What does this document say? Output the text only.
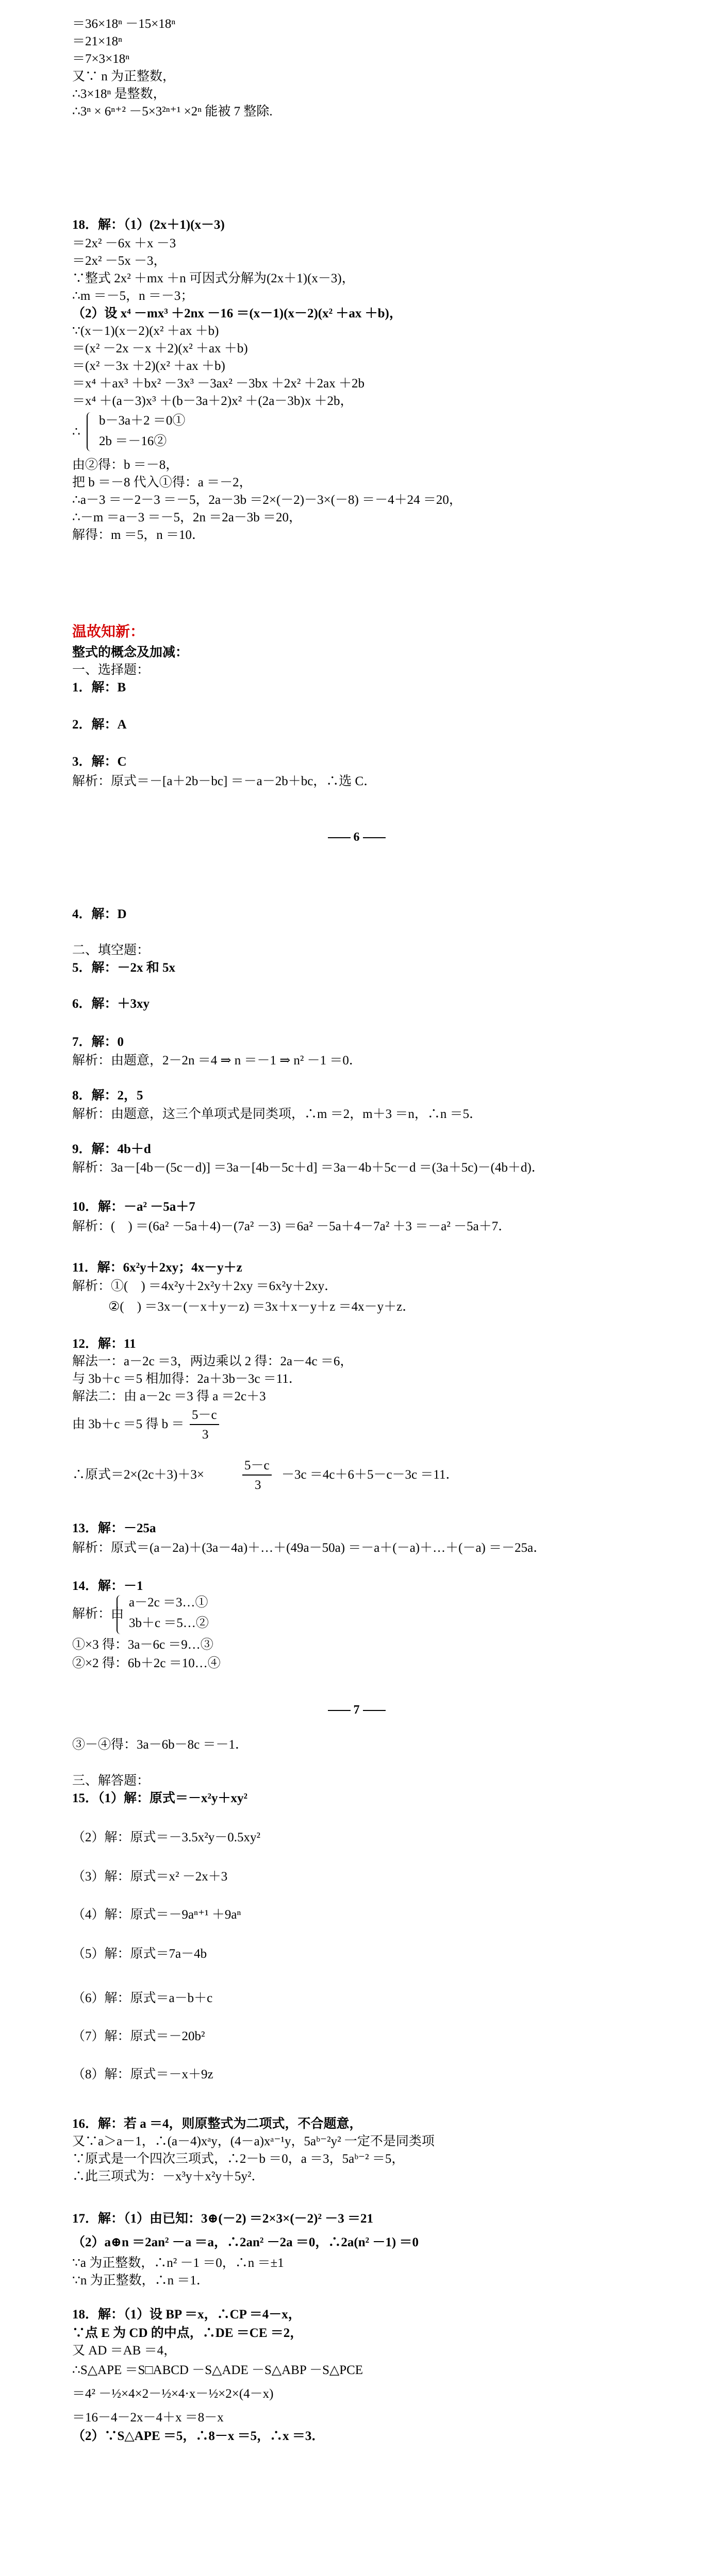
＝36×18ⁿ －15×18ⁿ
＝21×18ⁿ
＝7×3×18ⁿ
又∵ n 为正整数，
∴3×18ⁿ 是整数，
∴3ⁿ × 6ⁿ⁺² －5×3²ⁿ⁺¹ ×2ⁿ 能被 7 整除.
18．解：（1）(2x＋1)(x－3)
＝2x² －6x ＋x －3
＝2x² －5x －3，
∵整式 2x² ＋mx ＋n 可因式分解为(2x＋1)(x－3)，
∴m ＝－5，n ＝－3；
（2）设 x⁴ －mx³ ＋2nx －16 ＝(x－1)(x－2)(x² ＋ax ＋b)，
∵(x－1)(x－2)(x² ＋ax ＋b)
＝(x² －2x －x ＋2)(x² ＋ax ＋b)
＝(x² －3x ＋2)(x² ＋ax ＋b)
＝x⁴ ＋ax³ ＋bx² －3x³ －3ax² －3bx ＋2x² ＋2ax ＋2b
＝x⁴ ＋(a－3)x³ ＋(b－3a＋2)x² ＋(2a－3b)x ＋2b，
∴
b－3a＋2 ＝0①
2b ＝－16②
由②得：b ＝－8，
把 b ＝－8 代入①得：a ＝－2，
∴a－3 ＝－2－3 ＝－5，2a－3b ＝2×(－2)－3×(－8) ＝－4＋24 ＝20，
∴－m ＝a－3 ＝－5，2n ＝2a－3b ＝20，
解得：m ＝5，n ＝10．
温故知新：
整式的概念及加减：
一、选择题：
1．解：B
2．解：A
3．解：C
解析：原式＝－[a＋2b－bc] ＝－a－2b＋bc，∴选 C．
6
4．解：D
二、填空题：
5．解：－2x 和 5x
6．解：＋3xy
7．解：0
解析：由题意，2－2n ＝4 ⇒ n ＝－1 ⇒ n² －1 ＝0．
8．解：2，5
解析：由题意，这三个单项式是同类项，∴m ＝2，m＋3 ＝n，∴n ＝5．
9．解：4b＋d
解析：3a－[4b－(5c－d)] ＝3a－[4b－5c＋d] ＝3a－4b＋5c－d ＝(3a＋5c)－(4b＋d)．
10．解：－a² －5a＋7
解析：(　) ＝(6a² －5a＋4)－(7a² －3) ＝6a² －5a＋4－7a² ＋3 ＝－a² －5a＋7．
11．解：6x²y＋2xy；4x－y＋z
解析：①(　) ＝4x²y＋2x²y＋2xy ＝6x²y＋2xy．
②(　) ＝3x－(－x＋y－z) ＝3x＋x－y＋z ＝4x－y＋z．
12．解：11
解法一：a－2c ＝3，两边乘以 2 得：2a－4c ＝6，
与 3b＋c ＝5 相加得：2a＋3b－3c ＝11．
解法二：由 a－2c ＝3 得 a ＝2c＋3
由 3b＋c ＝5 得 b ＝
5－c
3
∴原式＝2×(2c＋3)＋3×
5－c
3
－3c ＝4c＋6＋5－c－3c ＝11．
13．解：－25a
解析：原式＝(a－2a)＋(3a－4a)＋…＋(49a－50a) ＝－a＋(－a)＋…＋(－a) ＝－25a．
14．解：－1
解析：由
a－2c ＝3…①
3b＋c ＝5…②
①×3 得：3a－6c ＝9…③
②×2 得：6b＋2c ＝10…④
7
③－④得：3a－6b－8c ＝－1．
三、解答题：
15．（1）解：原式＝－x²y＋xy²
（2）解：原式＝－3.5x²y－0.5xy²
（3）解：原式＝x² －2x＋3
（4）解：原式＝－9aⁿ⁺¹ ＋9aⁿ
（5）解：原式＝7a－4b
（6）解：原式＝a－b＋c
（7）解：原式＝－20b²
（8）解：原式＝－x＋9z
16．解：若 a ＝4，则原整式为二项式，不合题意，
又∵a＞a－1，∴(a－4)xᵃy，(4－a)xᵃ⁻¹y，5aᵇ⁻²y² 一定不是同类项
∵原式是一个四次三项式，∴2－b ＝0，a ＝3，5aᵇ⁻² ＝5，
∴此三项式为：－x³y＋x²y＋5y²．
17．解：（1）由已知：3⊕(－2) ＝2×3×(－2)² －3 ＝21
（2）a⊕n ＝2an² －a ＝a，∴2an² －2a ＝0，∴2a(n² －1) ＝0
∵a 为正整数，∴n² －1 ＝0，∴n ＝±1
∵n 为正整数，∴n ＝1．
18．解：（1）设 BP ＝x，∴CP ＝4－x，
∵点 E 为 CD 的中点，∴DE ＝CE ＝2，
又 AD ＝AB ＝4，
∴S△APE ＝S□ABCD －S△ADE －S△ABP －S△PCE
＝4² －½×4×2－½×4·x－½×2×(4－x)
＝16－4－2x－4＋x ＝8－x
（2）∵S△APE ＝5，∴8－x ＝5，∴x ＝3．
